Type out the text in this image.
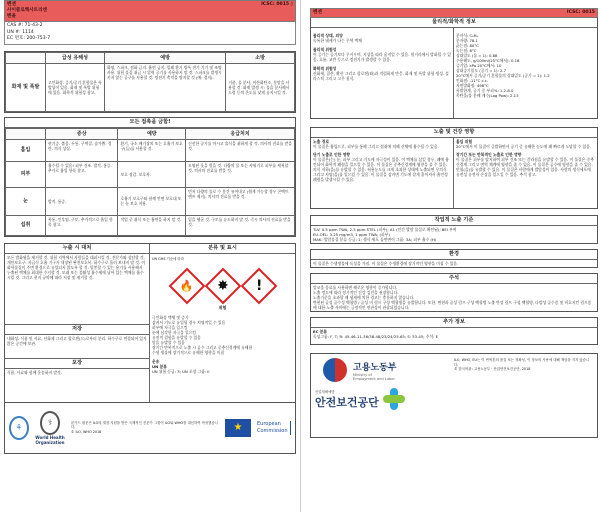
벤젠
사이클로헥사트리엔
벤졸
ICSC: 0015 ◊
CAS #: 71-43-2
UN #: 1114
EC 번호: 200-753-7
	급성 유해성	예방	소방
화재 및 폭발	고인화성. 증기/공기 혼합물은 폭발성이 있음. 화재 및 폭발 위험에 있음. 화학적 위험성 참고.	화염, 스파크, 점화 금지. 흡연 금지. 밀폐 환기 방폭 전기 기기 및 조명 사용. 위험 물질 취급 시 압력 공기를 사용하지 말 것. 스파크를 발생시키지 않는 공구를 사용할 것. 정전기 축적을 방지할 것 (예: 접지).	거품, 물 분사, 이산화탄소, 분말을 사용할 것. 화재 발생 시: 물을 분사해서 드럼 등의 온도를 낮게 유지시킬 것.
모든 접촉을 금함!
	증상	예방	응급처치
흡입	현기증. 졸음. 두통. 구역질. 숨가쁨. 경련. 의식 상실.	환기, 국소 배기장치 또는 호흡기 보호구(들)를 사용할 것.	신선한 공기를 마시고 휴식을 취하게 할 것. 의사의 진료를 받을 것.
피부	흡수될 수 있음! 피부 건조. 발적. 통증. 추가로 흡입 항목 참고.	보호 장갑. 보호복.	오염된 옷을 벗을 것. 다량의 물 또는 샤워기로 피부를 세척할 것. 의사의 진료를 받을 것.
눈	발적. 통증.	호흡기 보호구와 함께 안면 보호대 또는 눈 보호 착용.	먼저 다량의 물로 수 분간 씻어내고 (쉽게 가능할 경우 콘택트 렌즈 제거). 의사의 진료를 받을 것.
섭취	복통. 인후염. 구토. 추가적으로 흡입 항목 참고.	작업 중 취식 또는 흡연을 하지 말 것.	입을 헹굴 것. 구토를 유도하지 말 것. 즉시 의사의 진료를 받을 것.
누출 시 대처
모든 발화원을 제거할 것. 위험 지역에서 사람들을 대피시킬 것. 전문가와 상담할 것. 개인보호구: 자급식 호흡 기구가 내장된 완전보호복. 하수구로 흘러 보내지 말 것. 이 화학물질이 주변 환경으로 유입되지 않도록 할 것. 밀봉할 수 있는 용기를 사용해서 누출된 액체를 최대한 수거할 것. 모래 또는 불활성 흡수제에 남아 있는 액체를 흡수시킬 것. 그리고 현지 규약에 따라 저장 및 제거할 것.
저장
내화성. 식품 및 사료, 산화제 그리고 할로겐(으)로부터 분리. 하수구로 연결되어 있지 않은 공간에 보관.
포장
식품, 사료와 함께 운송하지 말것.
분류 및 표시
UN GHS 기준에 따라
🔥 ✸ !
위험
극인화성 액체 및 증기
삼켜서 기도로 유입될 경우 치명적일 수 있음
피부에 자극을 일으킴
눈에 심각한 자극을 일으킴
유전적 결함을 유발할 수 있음
암을 유발할 수 있음
장기간 반복적으로 노출 시 골수 그리고 중추신경계에 유해함
수생 생물에 장기적으로 유해한 영향을 미침
운송
UN 분류
UN 위험 등급: 3; UN 포장 그룹: II
⚘
⚕
World Health Organization
본카드 원문은 ILO의 재정 지원을 받은 국제적인 전문가 그룹이 ILO와 WHO를 대신하여 작성했습니다.
© ILO, WHO 2018	★	European Commission
벤젠	ICSC: 0015
물리적/화학적 정보
물리적 상태, 외양
독특한 냄새가 나는 무색 액체
물리적 위험성
이 증기는 공기보다 무거우며, 지상을 따라 움직일 수 있음. 원거리에서 발화될 수 있음. 흐름, 교반 등으로 정전기가 발생할 수 있음.
화학적 위험성
산화제, 질산, 황산 그리고 할로겐(와)과 격렬하게 반응. 화재 및 폭발 위험 생성. 플라스틱 그리고 고무 침식.
분자식: C₆H₆
분자량: 78.1
끓는점: 80°C
녹는점: 6°C
상대밀도 (물 = 1): 0.88
수용해도, g/100ml(25°C에서): 0.18
증기압: kPa 20°C에서: 10
상대증기밀도 (공기 = 1): 2.7
20°C에서 증기/공기 혼합물의 상대밀도 (공기 = 1): 1.2
인화점: -11°C c.c.
자연발화점: 498°C
폭발한계, 공기 중 부피%: 1.2-8.0
옥탄올/물 분배 계수(Log Pow): 2.13
노출 및 건강 영향
노출 경로
이 물질은 흡입으로, 피부를 통해 그리고 섭취에 의해 신체에 흡수될 수 있음.
단기 노출로 인한 영향
이 물질은(는) 눈, 피부 그리고 기도에 자극성이 있음. 이 액체를 삼킬 경우, 폐에 흡인되어 화학적 폐렴을 일으킬 수 있음. 이 물질은 중추신경계에 영향을 줄 수 있음. 의식 저하(을)를 유발할 수 있음. 허용농도를 크게 초과한 상태에 노출되면 무의식 그리고 사망(을)를 일으킬 수 있음. 이 물질을 삼키면 기도에 잘게 흩어져서 흡인성 폐렴을 발생시킬 수 있음.
흡입 위험
20°C에서 이 물질이 증발하면서 공기 중 유해한 농도에 꽤 빠르게 도달할 수 있음.
장기간 또는 반복적인 노출로 인한 영향
이 물질은 피부를 탈지하여 피부 건조 또는 갈라짐을 유발할 수 있음. 이 물질은 중추신경계 그리고 면역 체계에 영향을 줄 수 있음. 이 물질은 골수에 영향을 줄 수 있음. 빈혈(을)를 유발할 수 있음. 이 물질은 사람에게 발암성이 있음. 사람의 생식세포에 유전성 유전자 손상을 일으킬 수 있음. 추석 참고.
작업적 노출 기준
TLV: 0.5 ppm TWA, 2.5 ppm STEL (피부); A1 (인간 발암 물질로 확인됨); BEI 부여
EU-OEL: 3.25 mg/m3, 1 ppm TWA; (피부)
MAK: 발암물질 분류 등급: 1; 생식 세포 돌연변이 그룹: 3A; 피부 흡수 (H)
환경
이 물질은 수생생물에 독성을 가짐. 이 물질은 수생환경에 장기적인 영향을 미칠 수 있음.
주석
알코올 음료를 사용하면 해로운 영향이 증가합니다.
노출 정도에 따라 정기적인 건강 검진을 권장합니다.
노출기준을 초과할 때 냄새에 의한 경고는 충분하지 않습니다.
변현된 골성 골수성 백혈병 / 골성 비 림프 구성 백혈병을 유발합니다. 또한, 변현과 골성 림프 구성 백혈병 노출 만성 림프 구성 백혈병, 다발성 골수종 및 비호지킨 림프종에 대한 노출 사이에는 긍정적인 연관성이 관찰되었습니다.
추가 정보
EC 분류
독성그룹: F, T; R: 45-46-11-36/38-48/23/24/25-65; S: 53-45; 주석: E
고용노동부
Ministry of
Employment and Labor
산업재해예방
안전보건공단
ILO, WHO, EU는 이 번역본의 품질 또는 정확성, 이 정보의 사용에 대해 책임을 지지 않습니다.
© 한국어판: 고용노동부 · 산업안전보건공단, 2018
